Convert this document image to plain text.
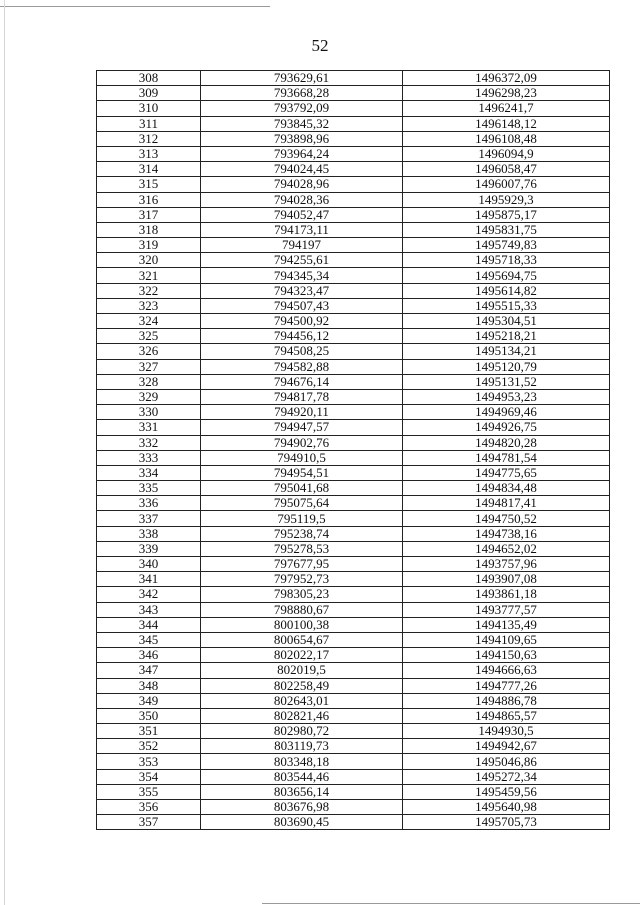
52
308	793629,61	1496372,09
309	793668,28	1496298,23
310	793792,09	1496241,7
311	793845,32	1496148,12
312	793898,96	1496108,48
313	793964,24	1496094,9
314	794024,45	1496058,47
315	794028,96	1496007,76
316	794028,36	1495929,3
317	794052,47	1495875,17
318	794173,11	1495831,75
319	794197	1495749,83
320	794255,61	1495718,33
321	794345,34	1495694,75
322	794323,47	1495614,82
323	794507,43	1495515,33
324	794500,92	1495304,51
325	794456,12	1495218,21
326	794508,25	1495134,21
327	794582,88	1495120,79
328	794676,14	1495131,52
329	794817,78	1494953,23
330	794920,11	1494969,46
331	794947,57	1494926,75
332	794902,76	1494820,28
333	794910,5	1494781,54
334	794954,51	1494775,65
335	795041,68	1494834,48
336	795075,64	1494817,41
337	795119,5	1494750,52
338	795238,74	1494738,16
339	795278,53	1494652,02
340	797677,95	1493757,96
341	797952,73	1493907,08
342	798305,23	1493861,18
343	798880,67	1493777,57
344	800100,38	1494135,49
345	800654,67	1494109,65
346	802022,17	1494150,63
347	802019,5	1494666,63
348	802258,49	1494777,26
349	802643,01	1494886,78
350	802821,46	1494865,57
351	802980,72	1494930,5
352	803119,73	1494942,67
353	803348,18	1495046,86
354	803544,46	1495272,34
355	803656,14	1495459,56
356	803676,98	1495640,98
357	803690,45	1495705,73
